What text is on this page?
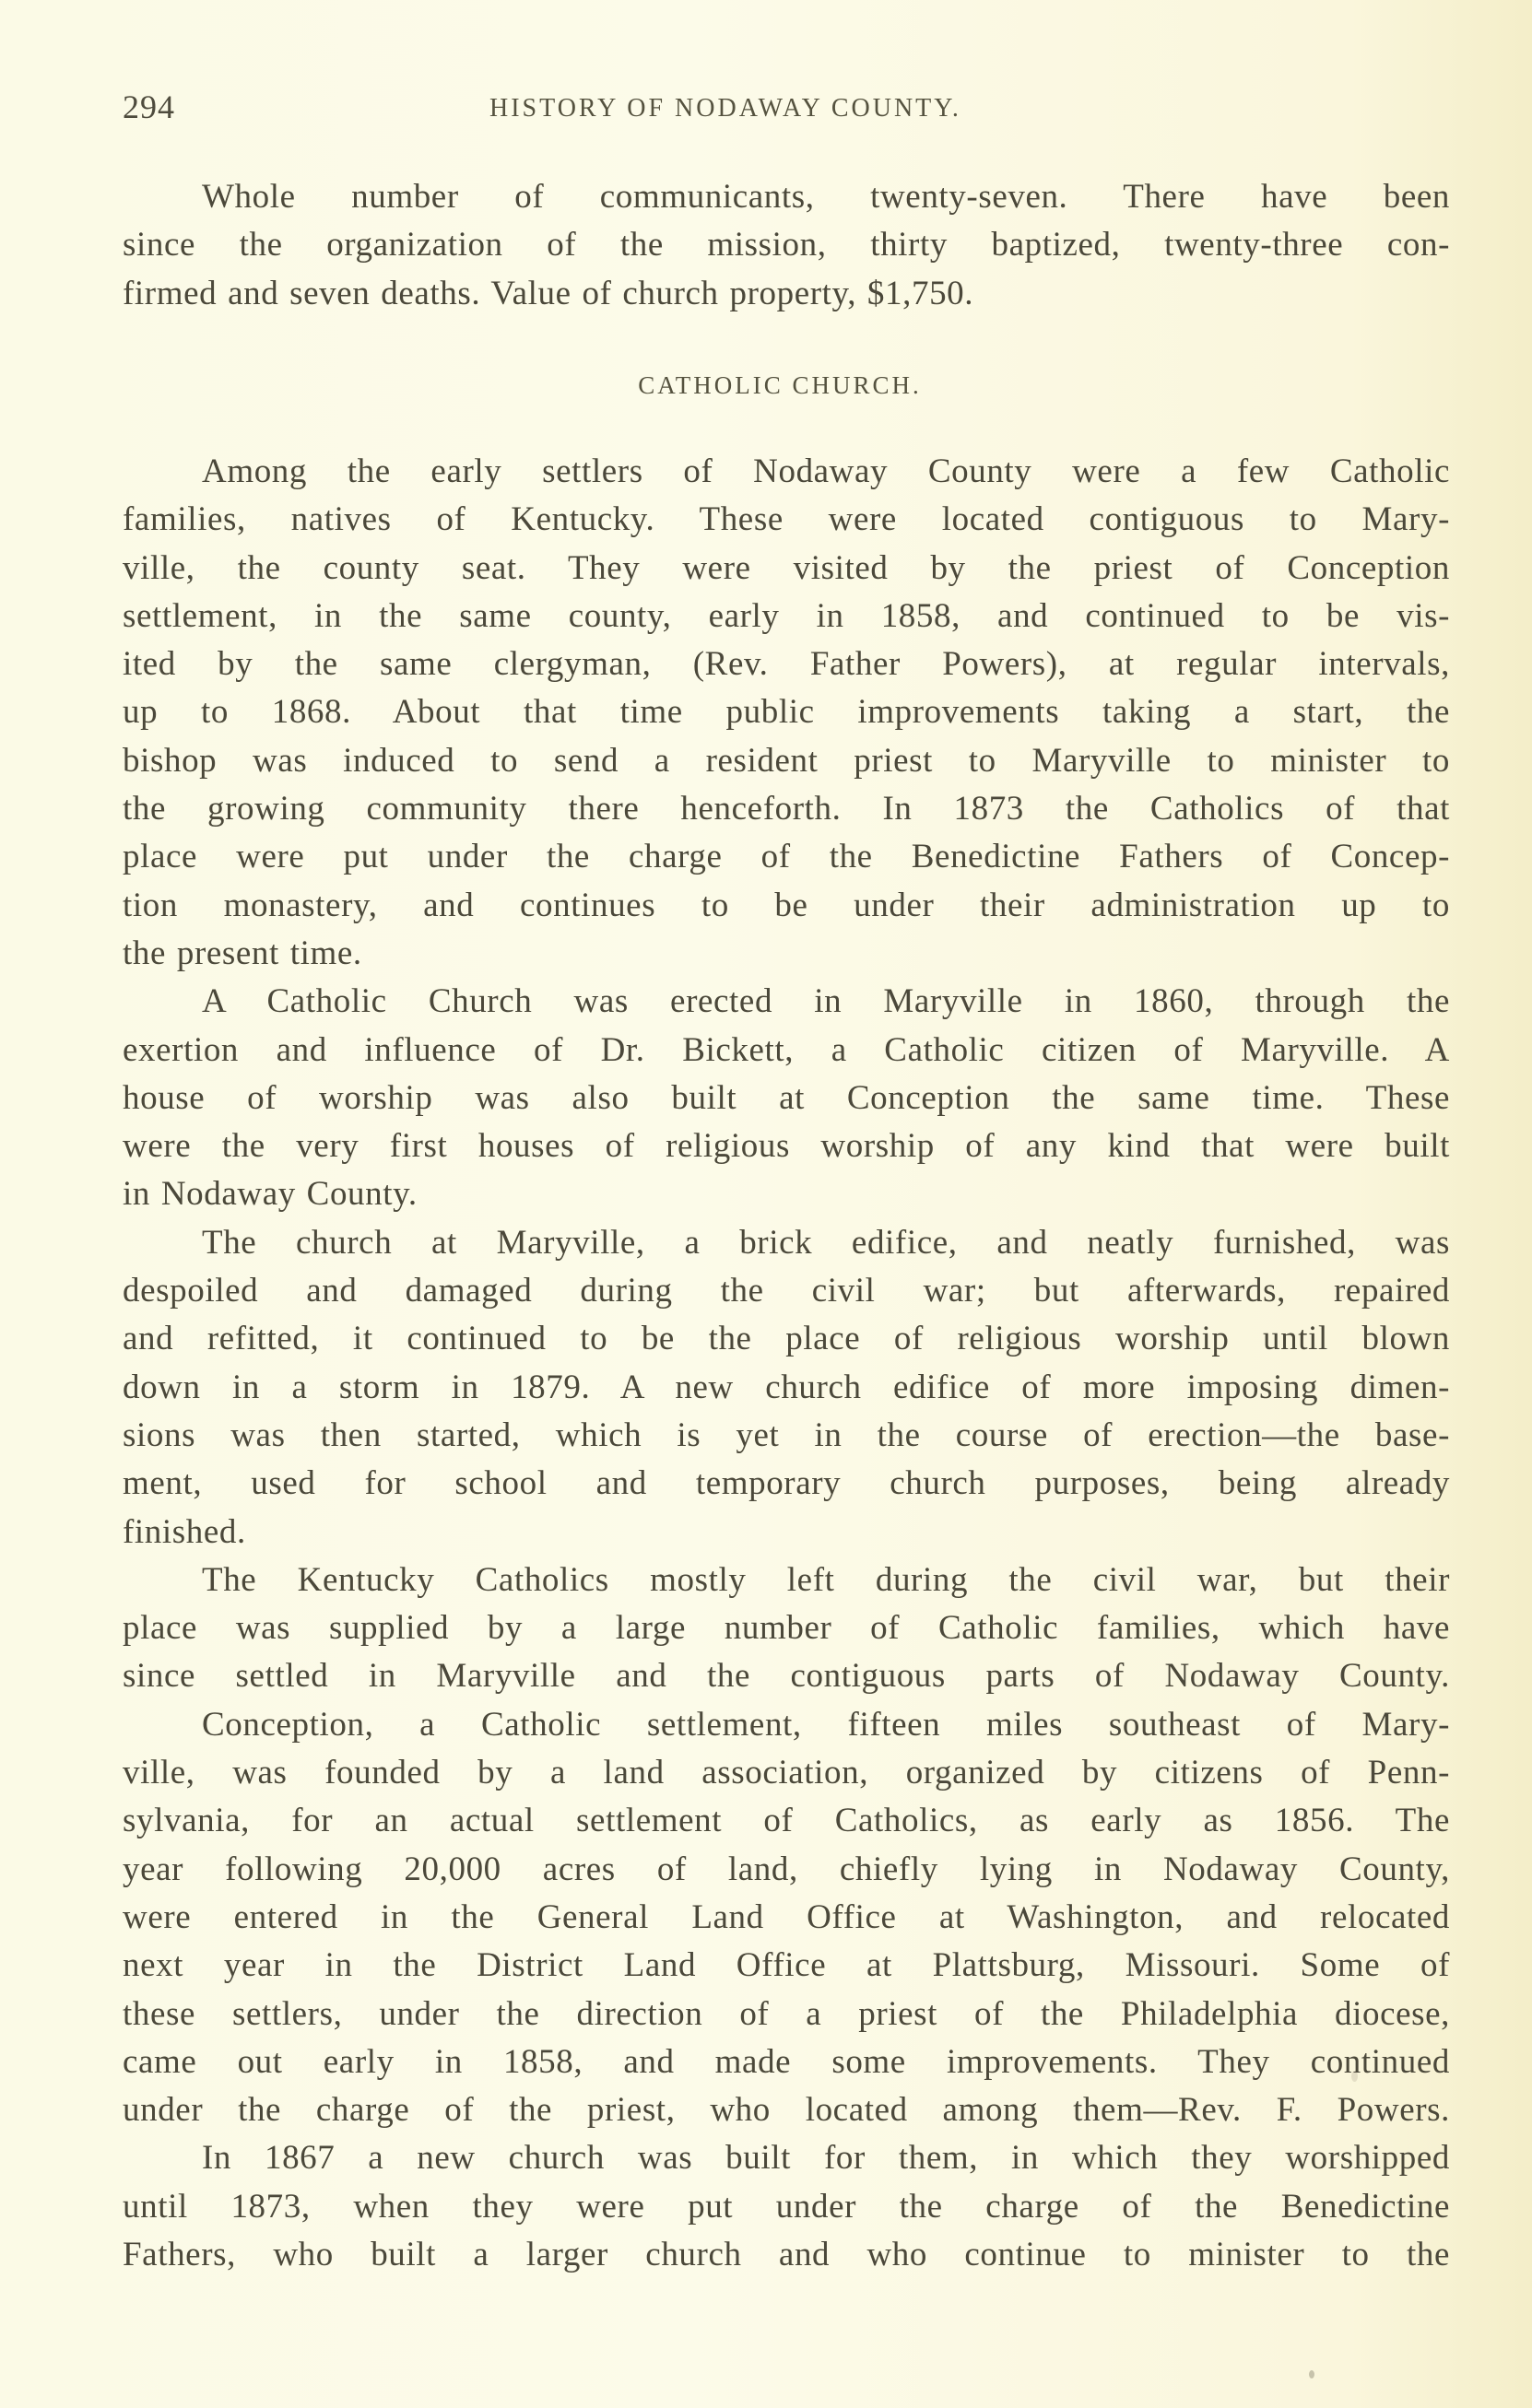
294	HISTORY OF NODAWAY COUNTY.
Whole number of communicants, twenty-seven. There have been
since the organization of the mission, thirty baptized, twenty-three con-
firmed and seven deaths. Value of church property, $1,750.
CATHOLIC CHURCH.
Among the early settlers of Nodaway County were a few Catholic
families, natives of Kentucky. These were located contiguous to Mary-
ville, the county seat. They were visited by the priest of Conception
settlement, in the same county, early in 1858, and continued to be vis-
ited by the same clergyman, (Rev. Father Powers), at regular intervals,
up to 1868. About that time public improvements taking a start, the
bishop was induced to send a resident priest to Maryville to minister to
the growing community there henceforth. In 1873 the Catholics of that
place were put under the charge of the Benedictine Fathers of Concep-
tion monastery, and continues to be under their administration up to
the present time.
A Catholic Church was erected in Maryville in 1860, through the
exertion and influence of Dr. Bickett, a Catholic citizen of Maryville. A
house of worship was also built at Conception the same time. These
were the very first houses of religious worship of any kind that were built
in Nodaway County.
The church at Maryville, a brick edifice, and neatly furnished, was
despoiled and damaged during the civil war; but afterwards, repaired
and refitted, it continued to be the place of religious worship until blown
down in a storm in 1879. A new church edifice of more imposing dimen-
sions was then started, which is yet in the course of erection—the base-
ment, used for school and temporary church purposes, being already
finished.
The Kentucky Catholics mostly left during the civil war, but their
place was supplied by a large number of Catholic families, which have
since settled in Maryville and the contiguous parts of Nodaway County.
Conception, a Catholic settlement, fifteen miles southeast of Mary-
ville, was founded by a land association, organized by citizens of Penn-
sylvania, for an actual settlement of Catholics, as early as 1856. The
year following 20,000 acres of land, chiefly lying in Nodaway County,
were entered in the General Land Office at Washington, and relocated
next year in the District Land Office at Plattsburg, Missouri. Some of
these settlers, under the direction of a priest of the Philadelphia diocese,
came out early in 1858, and made some improvements. They continued
under the charge of the priest, who located among them—Rev. F. Powers.
In 1867 a new church was built for them, in which they worshipped
until 1873, when they were put under the charge of the Benedictine
Fathers, who built a larger church and who continue to minister to the
